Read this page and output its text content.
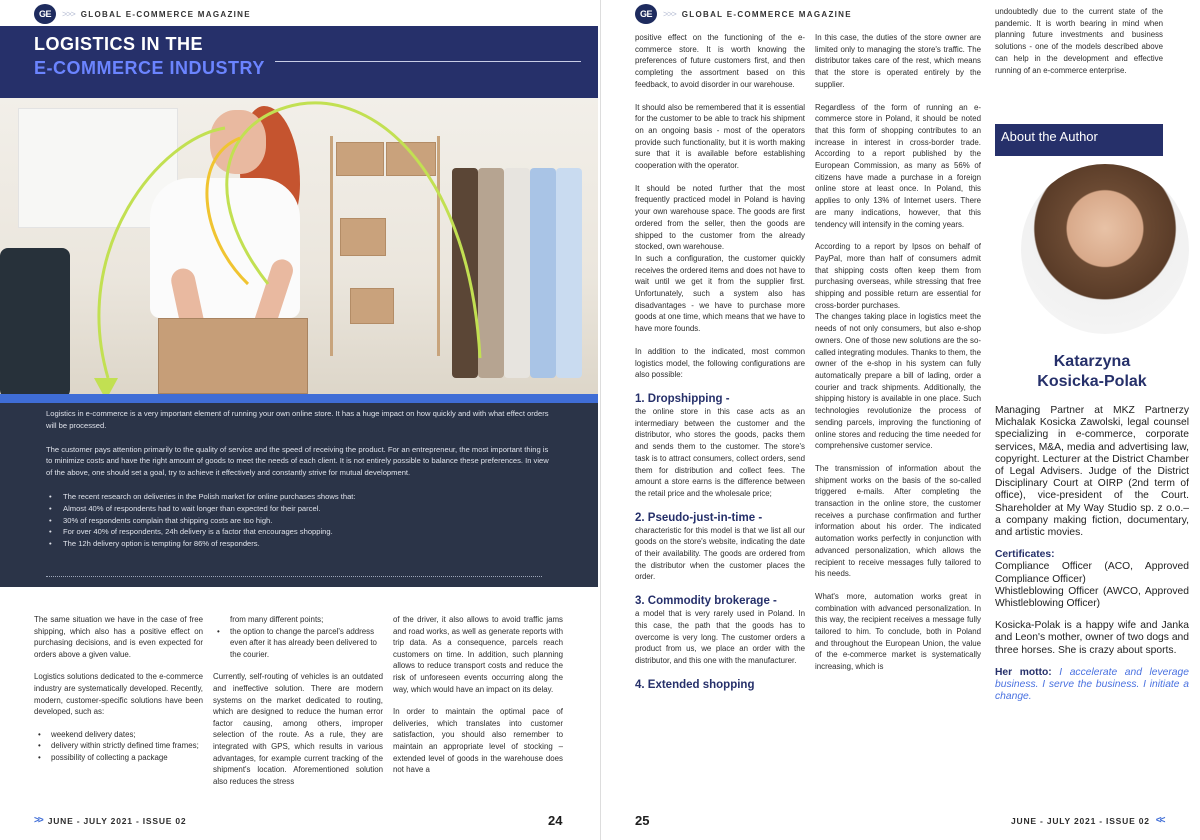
GE	>>> GLOBAL E-COMMERCE MAGAZINE
LOGISTICS IN THE
E-COMMERCE INDUSTRY

Logistics in e-commerce is a very important element of running your own online store. It has a huge impact on how quickly and with what effect orders will be processed.

The customer pays attention primarily to the quality of service and the speed of receiving the product. For an entrepreneur, the most important thing is to minimize costs and have the right amount of goods to meet the needs of each client. It is not entirely possible to balance these preferences. In view of the above, one should set a goal, try to achieve it effectively and constantly strive for mutual development.

• The recent research on deliveries in the Polish market for online purchases shows that:
• Almost 40% of respondents had to wait longer than expected for their parcel.
• 30% of respondents complain that shipping costs are too high.
• For over 40% of respondents, 24h delivery is a factor that encourages shopping.
• The 12h delivery option is tempting for 86% of responders.

The same situation we have in the case of free shipping, which also has a positive effect on purchasing decisions, and is even expected for orders above a given value.

Logistics solutions dedicated to the e-commerce industry are systematically developed. Recently, modern, customer-specific solutions have been developed, such as:

• weekend delivery dates;
• delivery within strictly defined time frames;
• possibility of collecting a package

from many different points;

• the option to change the parcel's address even after it has already been delivered to the courier.

Currently, self-routing of vehicles is an outdated and ineffective solution. There are modern systems on the market dedicated to routing, which are designed to reduce the human error factor causing, among others, improper selection of the route. As a rule, they are integrated with GPS, which results in various advantages, for example current tracking of the shipment's location. Aforementioned solution also reduces the stress

of the driver, it also allows to avoid traffic jams and road works, as well as generate reports with trip data. As a consequence, parcels reach customers on time. In addition, such planning allows to reduce transport costs and reduce the risk of unforeseen events occurring along the way, which would have an impact on its delay.

In order to maintain the optimal pace of deliveries, which translates into customer satisfaction, you should also remember to maintain an appropriate level of stocking – extended level of goods in the warehouse does not have a

>> JUNE - JULY 2021 - ISSUE 02	24
GE	>>> GLOBAL E-COMMERCE MAGAZINE

positive effect on the functioning of the e-commerce store. It is worth knowing the preferences of future customers first, and then completing the assortment based on this feedback, to avoid disorder in our warehouse.

It should also be remembered that it is essential for the customer to be able to track his shipment on an ongoing basis - most of the operators provide such functionality, but it is worth making sure that it is available before establishing cooperation with the operator.

It should be noted further that the most frequently practiced model in Poland is having your own warehouse space. The goods are first ordered from the seller, then the goods are shipped to the customer from the already stocked, own warehouse.

In such a configuration, the customer quickly receives the ordered items and does not have to wait until we get it from the supplier first. Unfortunately, such a system also has disadvantages - we have to purchase more goods at one time, which means that we have to have more founds.

In addition to the indicated, most common logistics model, the following configurations are also possible:

1. Dropshipping -

the online store in this case acts as an intermediary between the customer and the distributor, who stores the goods, packs them and sends them to the customer. The store's task is to attract consumers, collect orders, send them for distribution and collect fees. The amount a store earns is the difference between the retail price and the wholesale price;

2. Pseudo-just-in-time -

characteristic for this model is that we list all our goods on the store's website, indicating the date of their availability. The goods are ordered from the distributor when the customer places the order.

3. Commodity brokerage -

a model that is very rarely used in Poland. In this case, the path that the goods has to overcome is very long. The customer orders a product from us, we place an order with the distributor, and this one with the manufacturer.

4. Extended shopping

In this case, the duties of the store owner are limited only to managing the store's traffic. The distributor takes care of the rest, which means that the store is operated entirely by the supplier.

Regardless of the form of running an e-commerce store in Poland, it should be noted that this form of shopping contributes to an increase in interest in cross-border trade. According to a report published by the European Commission, as many as 56% of citizens have made a purchase in a foreign online store at least once. In Poland, this applies to only 13% of Internet users. There are many indications, however, that this tendency will intensify in the coming years.

According to a report by Ipsos on behalf of PayPal, more than half of consumers admit that shipping costs often keep them from purchasing overseas, while stressing that free shipping and possible return are essential for cross-border purchases.

The changes taking place in logistics meet the needs of not only consumers, but also e-shop owners. One of those new solutions are the so-called integrating modules. Thanks to them, the owner of the e-shop in his system can fully automatically prepare a bill of lading, order a courier and track shipments. Additionally, the shipping history is available in one place. Such technologies revolutionize the process of sending parcels, improving the functioning of online stores and reducing the time needed for comprehensive customer service.

The transmission of information about the shipment works on the basis of the so-called triggered e-mails. After completing the transaction in the online store, the customer receives a purchase confirmation and further information about his order. The indicated automation works perfectly in conjunction with advanced personalization, which allows the recipient to receive messages fully tailored to his needs.

What's more, automation works great in combination with advanced personalization. In this way, the recipient receives a message fully tailored to him. To conclude, both in Poland and throughout the European Union, the value of the e-commerce market is systematically increasing, which is

undoubtedly due to the current state of the pandemic. It is worth bearing in mind when planning future investments and business solutions - one of the models described above can help in the development and effective running of an e-commerce enterprise.

About the Author
Katarzyna
Kosicka-Polak

Managing Partner at MKZ Partnerzy Michalak Kosicka Zawolski, legal counsel specializing in e-commerce, corporate services, M&A, media and advertising law, copyright. Lecturer at the District Chamber of Legal Advisers. Judge of the District Disciplinary Court at OIRP (2nd term of office), vice-president of the Court. Shareholder at My Way Studio sp. z o.o.– a company making fiction, documentary, and artistic movies.

Certificates:
Compliance Officer (ACO, Approved Compliance Officer)

Whistleblowing Officer (AWCO, Approved Whistleblowing Officer)

Kosicka-Polak is a happy wife and Janka and Leon's mother, owner of two dogs and three horses. She is crazy about sports.

Her motto: I accelerate and leverage business. I serve the business. I initiate a change.

25	JUNE - JULY 2021 - ISSUE 02 <<
